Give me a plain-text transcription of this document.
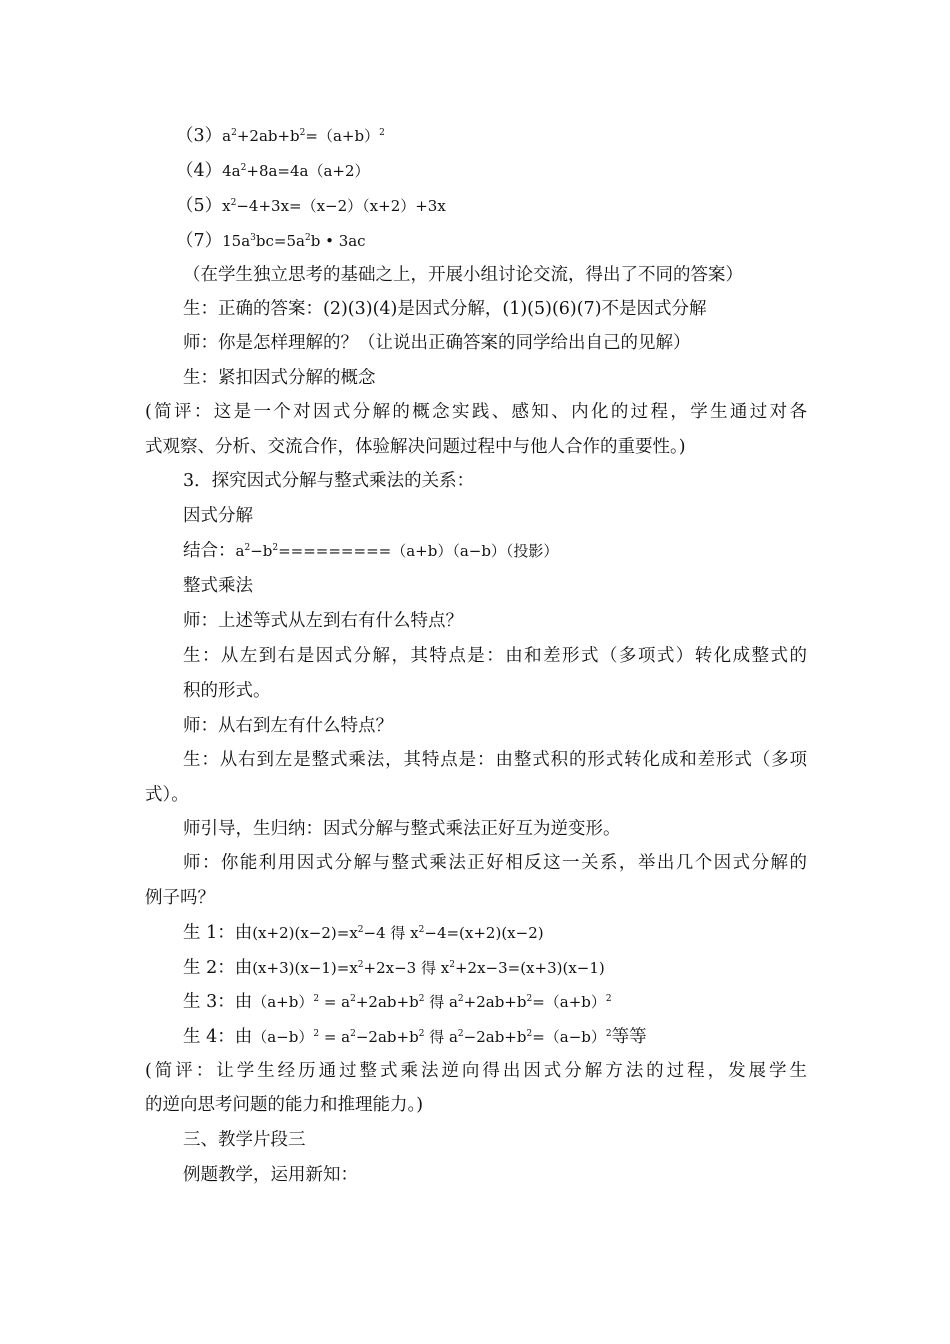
$(3)a^2+2ab+b^2=(a+b)^2$
$(4)4a^2+8a=4a(a+2)$
$(5)x^2-4+3x=(x-2)(x+2)+3x$
$(7)15a^3bc=5a^2b$ • 3ac
（在学生独立思考的基础之上，开展小组讨论交流，得出了不同的答案）
生：正确的答案：(2)(3)(4)是因式分解，(1)(5)(6)(7)不是因式分解
师：你是怎样理解的？（让说出正确答案的同学给出自己的见解）
生：紧扣因式分解的概念
(简评：这是一个对因式分解的概念实践、感知、内化的过程，学生通过对各
式观察、分析、交流合作，体验解决问题过程中与他人合作的重要性。)
3．探究因式分解与整式乘法的关系：
因式分解
结合：$a^2-b^2=========(a+b)(a-b)$（投影）
整式乘法
师：上述等式从左到右有什么特点？
生：从左到右是因式分解，其特点是：由和差形式（多项式）转化成整式的
积的形式。
师：从右到左有什么特点？
生：从右到左是整式乘法，其特点是：由整式积的形式转化成和差形式（多项
式）。
师引导，生归纳：因式分解与整式乘法正好互为逆变形。
师：你能利用因式分解与整式乘法正好相反这一关系，举出几个因式分解的
例子吗？
生 1：由$(x+2)(x-2)=x^2-4$ 得 $x^2-4=(x+2)(x-2)$
生 2：由$(x+3)(x-1)=x^2+2x-3$ 得 $x^2+2x-3=(x+3)(x-1)$
生 3：由$(a+b)^2 = a^2+2ab+b^2$ 得 $a^2+2ab+b^2=(a+b)^2$
生 4：由$(a-b)^2 = a^2-2ab+b^2$ 得 $a^2-2ab+b^2=(a-b)^2$等等
(简评：让学生经历通过整式乘法逆向得出因式分解方法的过程，发展学生
的逆向思考问题的能力和推理能力。)
三、教学片段三
例题教学，运用新知：
